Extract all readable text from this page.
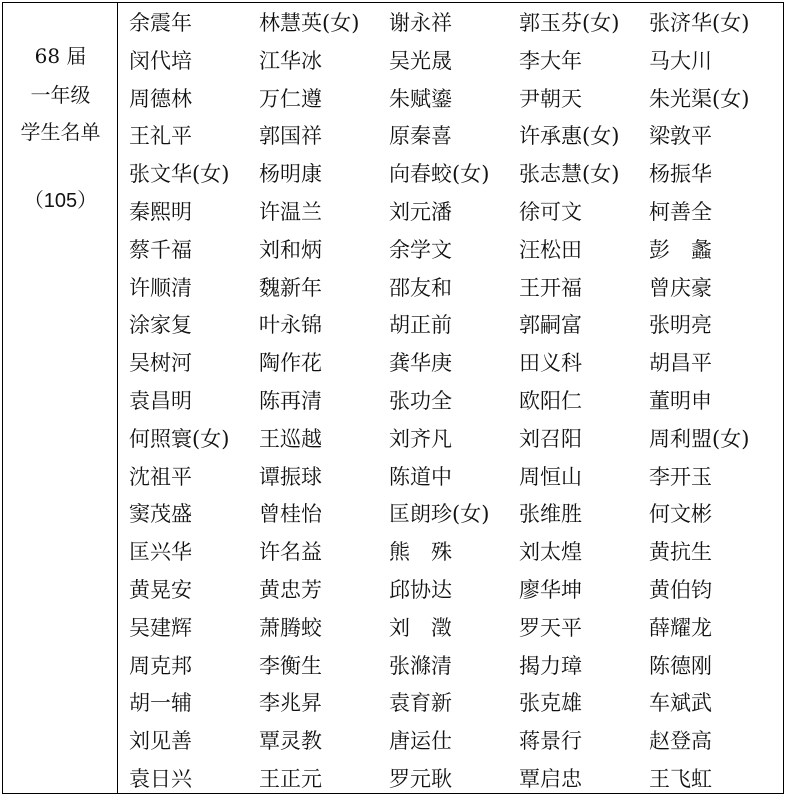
68 届
一年级
学生名单
（105）
余震年	林慧英(女)	谢永祥	郭玉芬(女)	张济华(女)
闵代培	江华冰	吴光晟	李大年	马大川
周德林	万仁遵	朱赋鎏	尹朝天	朱光渠(女)
王礼平	郭国祥	原秦喜	许承惠(女)	梁敦平
张文华(女)	杨明康	向春蛟(女)	张志慧(女)	杨振华
秦熙明	许温兰	刘元潘	徐可文	柯善全
蔡千福	刘和炳	余学文	汪松田	彭　蠡
许顺清	魏新年	邵友和	王开福	曾庆豪
涂家复	叶永锦	胡正前	郭嗣富	张明亮
吴树河	陶作花	龚华庚	田义科	胡昌平
袁昌明	陈再清	张功全	欧阳仁	董明申
何照寰(女)	王巡越	刘齐凡	刘召阳	周利盟(女)
沈祖平	谭振球	陈道中	周恒山	李开玉
窦茂盛	曾桂怡	匡朗珍(女)	张维胜	何文彬
匡兴华	许名益	熊　殊	刘太煌	黄抗生
黄晃安	黄忠芳	邱协达	廖华坤	黄伯钧
吴建辉	萧腾蛟	刘　澂	罗天平	薛耀龙
周克邦	李衡生	张滌清	揭力璋	陈德刚
胡一辅	李兆昇	袁育新	张克雄	车斌武
刘见善	覃灵教	唐运仕	蒋景行	赵登高
袁日兴	王正元	罗元耿	覃启忠	王飞虹
